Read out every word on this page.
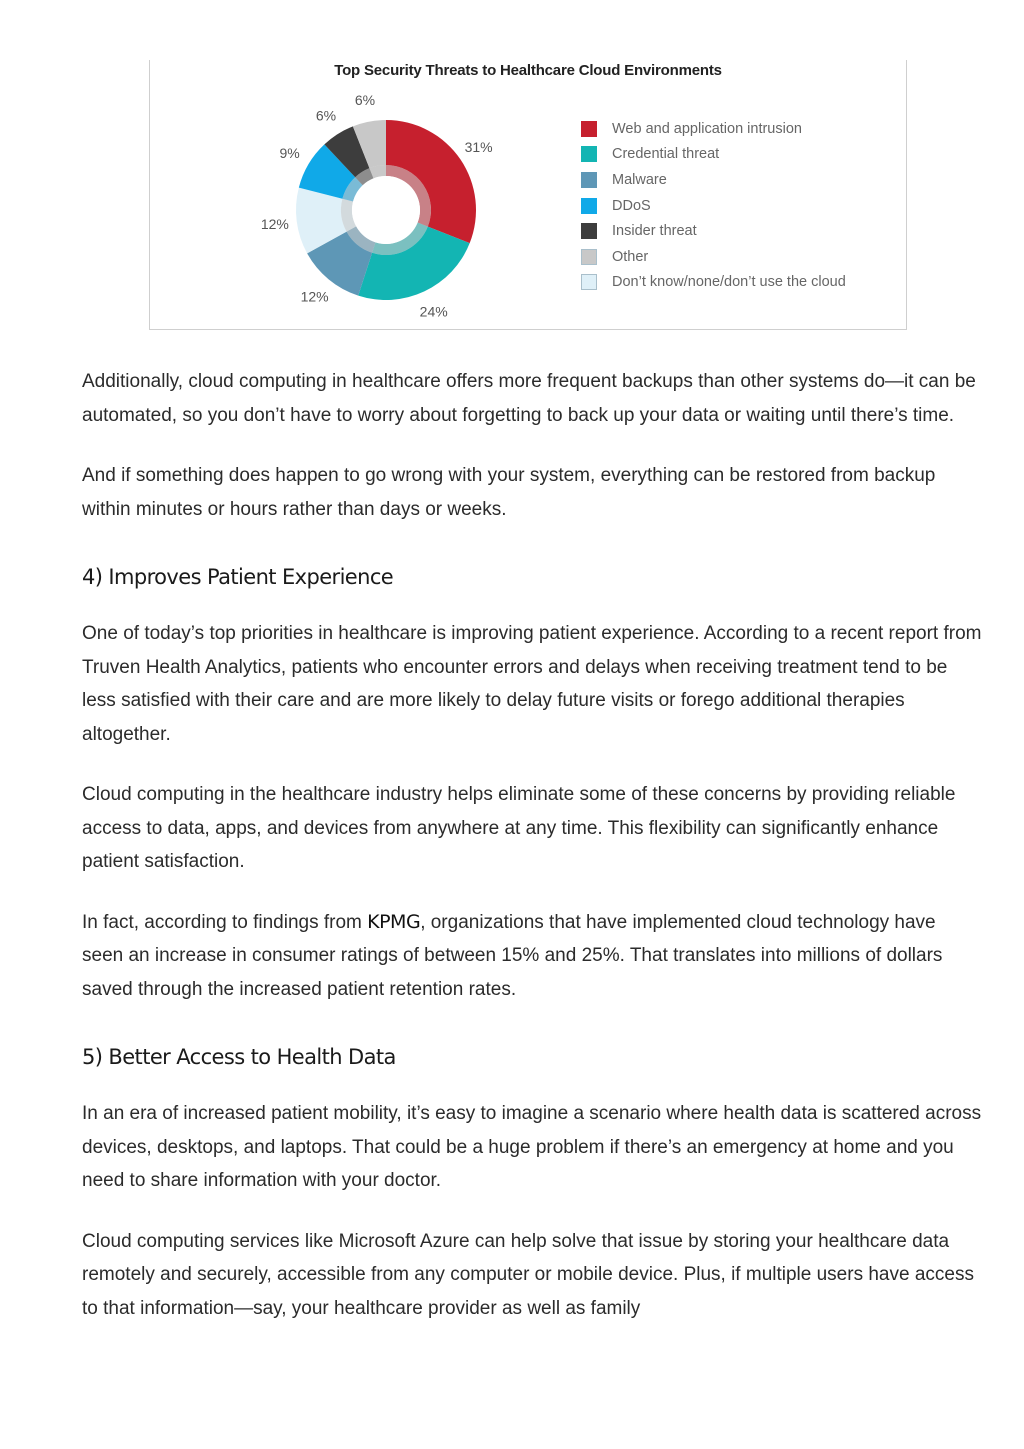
Top Security Threats to Healthcare Cloud Environments
31%
24%
12%
12%
9%
6%
6%
Web and application intrusion
Credential threat
Malware
DDoS
Insider threat
Other
Don’t know/none/don’t use the cloud

Additionally, cloud computing in healthcare offers more frequent backups than other systems do—it can be automated, so you don’t have to worry about forgetting to back up your data or waiting until there’s time.

And if something does happen to go wrong with your system, everything can be restored from backup within minutes or hours rather than days or weeks.

4) Improves Patient Experience

One of today’s top priorities in healthcare is improving patient experience. According to a recent report from Truven Health Analytics, patients who encounter errors and delays when receiving treatment tend to be less satisfied with their care and are more likely to delay future visits or forego additional therapies altogether.

Cloud computing in the healthcare industry helps eliminate some of these concerns by providing reliable access to data, apps, and devices from anywhere at any time. This flexibility can significantly enhance patient satisfaction.

In fact, according to findings from KPMG, organizations that have implemented cloud technology have seen an increase in consumer ratings of between 15% and 25%. That translates into millions of dollars saved through the increased patient retention rates.

5) Better Access to Health Data

In an era of increased patient mobility, it’s easy to imagine a scenario where health data is scattered across devices, desktops, and laptops. That could be a huge problem if there’s an emergency at home and you need to share information with your doctor.

Cloud computing services like Microsoft Azure can help solve that issue by storing your healthcare data remotely and securely, accessible from any computer or mobile device. Plus, if multiple users have access to that information—say, your healthcare provider as well as family
